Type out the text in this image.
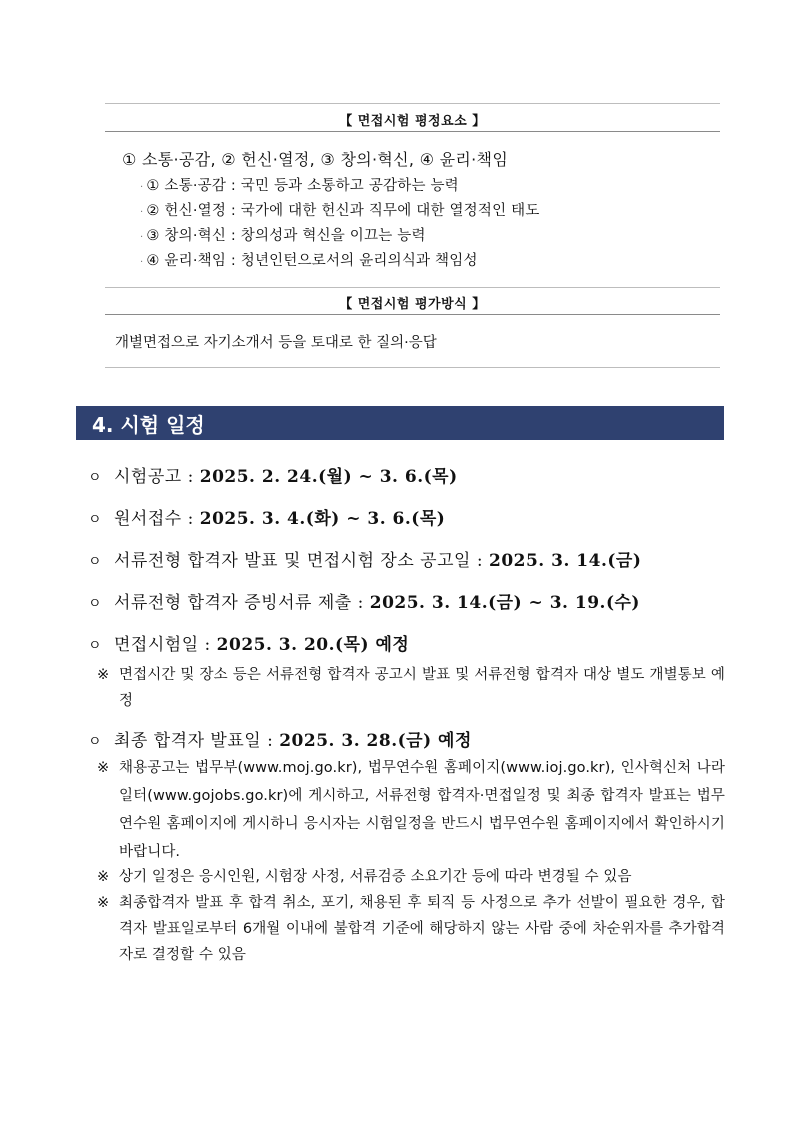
【 면접시험 평정요소 】
① 소통·공감, ② 헌신·열정, ③ 창의·혁신, ④ 윤리·책임
· ① 소통·공감 : 국민 등과 소통하고 공감하는 능력
· ② 헌신·열정 : 국가에 대한 헌신과 직무에 대한 열정적인 태도
· ③ 창의·혁신 : 창의성과 혁신을 이끄는 능력
· ④ 윤리·책임 : 청년인턴으로서의 윤리의식과 책임성
【 면접시험 평가방식 】
개별면접으로 자기소개서 등을 토대로 한 질의·응답
4. 시험 일정
ㅇ 시험공고 : 2025. 2. 24.(월) ~ 3. 6.(목)
ㅇ 원서접수 : 2025. 3. 4.(화) ~ 3. 6.(목)
ㅇ 서류전형 합격자 발표 및 면접시험 장소 공고일 : 2025. 3. 14.(금)
ㅇ 서류전형 합격자 증빙서류 제출 : 2025. 3. 14.(금) ~ 3. 19.(수)
ㅇ 면접시험일 : 2025. 3. 20.(목) 예정
※ 면접시간 및 장소 등은 서류전형 합격자 공고시 발표 및 서류전형 합격자 대상 별도 개별통보 예정
ㅇ 최종 합격자 발표일 : 2025. 3. 28.(금) 예정
※ 채용공고는 법무부(www.moj.go.kr), 법무연수원 홈페이지(www.ioj.go.kr), 인사혁신처 나라일터(www.gojobs.go.kr)에 게시하고, 서류전형 합격자·면접일정 및 최종 합격자 발표는 법무연수원 홈페이지에 게시하니 응시자는 시험일정을 반드시 법무연수원 홈페이지에서 확인하시기 바랍니다.
※ 상기 일정은 응시인원, 시험장 사정, 서류검증 소요기간 등에 따라 변경될 수 있음
※ 최종합격자 발표 후 합격 취소, 포기, 채용된 후 퇴직 등 사정으로 추가 선발이 필요한 경우, 합격자 발표일로부터 6개월 이내에 불합격 기준에 해당하지 않는 사람 중에 차순위자를 추가합격자로 결정할 수 있음
